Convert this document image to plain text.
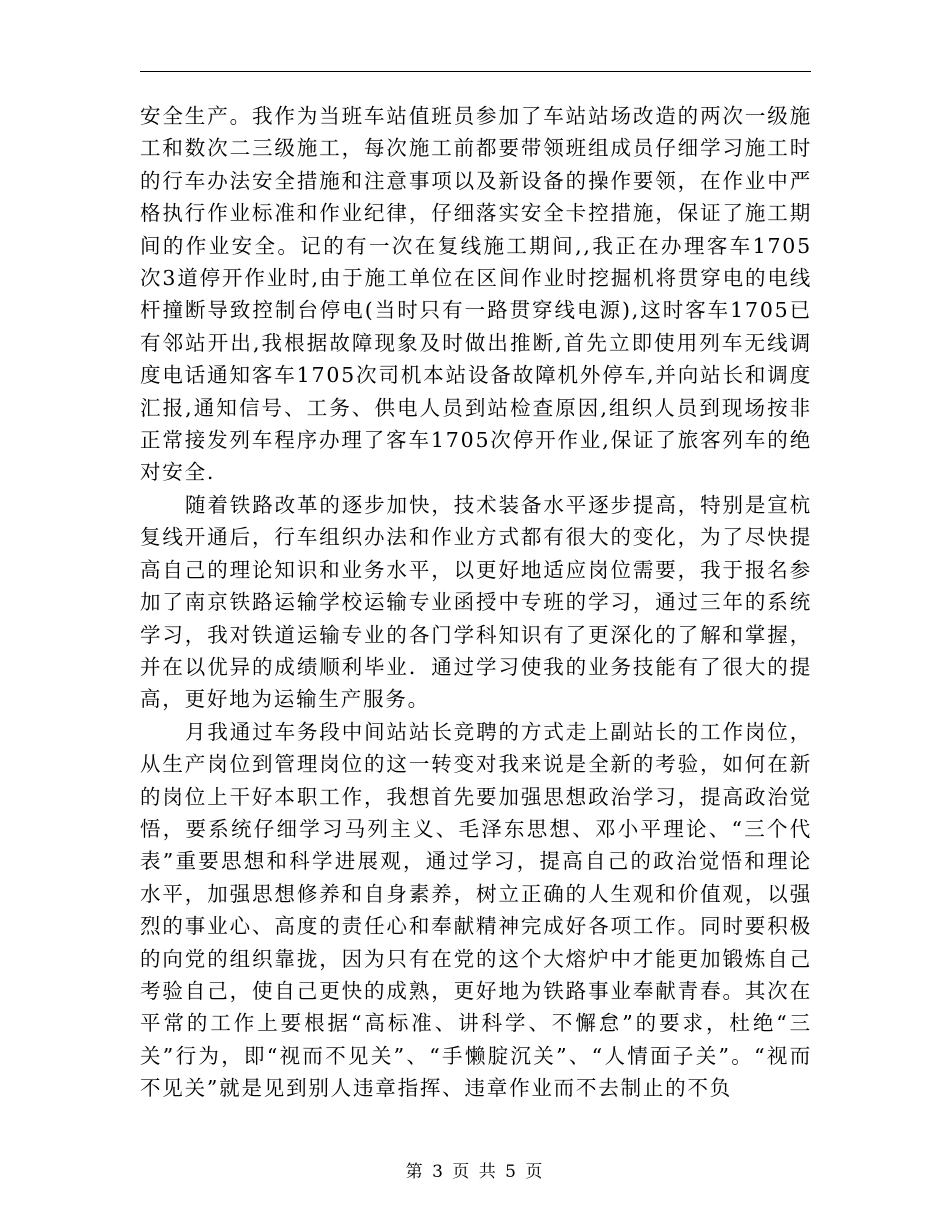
安全生产。我作为当班车站值班员参加了车站站场改造的两次一级施工和数次二三级施工，每次施工前都要带领班组成员仔细学习施工时的行车办法安全措施和注意事项以及新设备的操作要领，在作业中严格执行作业标准和作业纪律，仔细落实安全卡控措施，保证了施工期间的作业安全。记的有一次在复线施工期间,,我正在办理客车1705次3道停开作业时,由于施工单位在区间作业时挖掘机将贯穿电的电线杆撞断导致控制台停电(当时只有一路贯穿线电源),这时客车1705已有邻站开出,我根据故障现象及时做出推断,首先立即使用列车无线调度电话通知客车1705次司机本站设备故障机外停车,并向站长和调度汇报,通知信号、工务、供电人员到站检查原因,组织人员到现场按非正常接发列车程序办理了客车1705次停开作业,保证了旅客列车的绝对安全.

随着铁路改革的逐步加快，技术装备水平逐步提高，特别是宣杭复线开通后，行车组织办法和作业方式都有很大的变化，为了尽快提高自己的理论知识和业务水平，以更好地适应岗位需要，我于报名参加了南京铁路运输学校运输专业函授中专班的学习，通过三年的系统学习，我对铁道运输专业的各门学科知识有了更深化的了解和掌握，并在以优异的成绩顺利毕业．通过学习使我的业务技能有了很大的提高，更好地为运输生产服务。

月我通过车务段中间站站长竞聘的方式走上副站长的工作岗位，从生产岗位到管理岗位的这一转变对我来说是全新的考验，如何在新的岗位上干好本职工作，我想首先要加强思想政治学习，提高政治觉悟，要系统仔细学习马列主义、毛泽东思想、邓小平理论、“三个代表”重要思想和科学进展观，通过学习，提高自己的政治觉悟和理论水平，加强思想修养和自身素养，树立正确的人生观和价值观，以强烈的事业心、高度的责任心和奉献精神完成好各项工作。同时要积极的向党的组织靠拢，因为只有在党的这个大熔炉中才能更加锻炼自己考验自己，使自己更快的成熟，更好地为铁路事业奉献青春。其次在平常的工作上要根据“高标准、讲科学、不懈怠”的要求，杜绝“三关”行为，即“视而不见关”、“手懒腚沉关”、“人情面子关”。“视而不见关”就是见到别人违章指挥、违章作业而不去制止的不负

第 3 页 共 5 页
